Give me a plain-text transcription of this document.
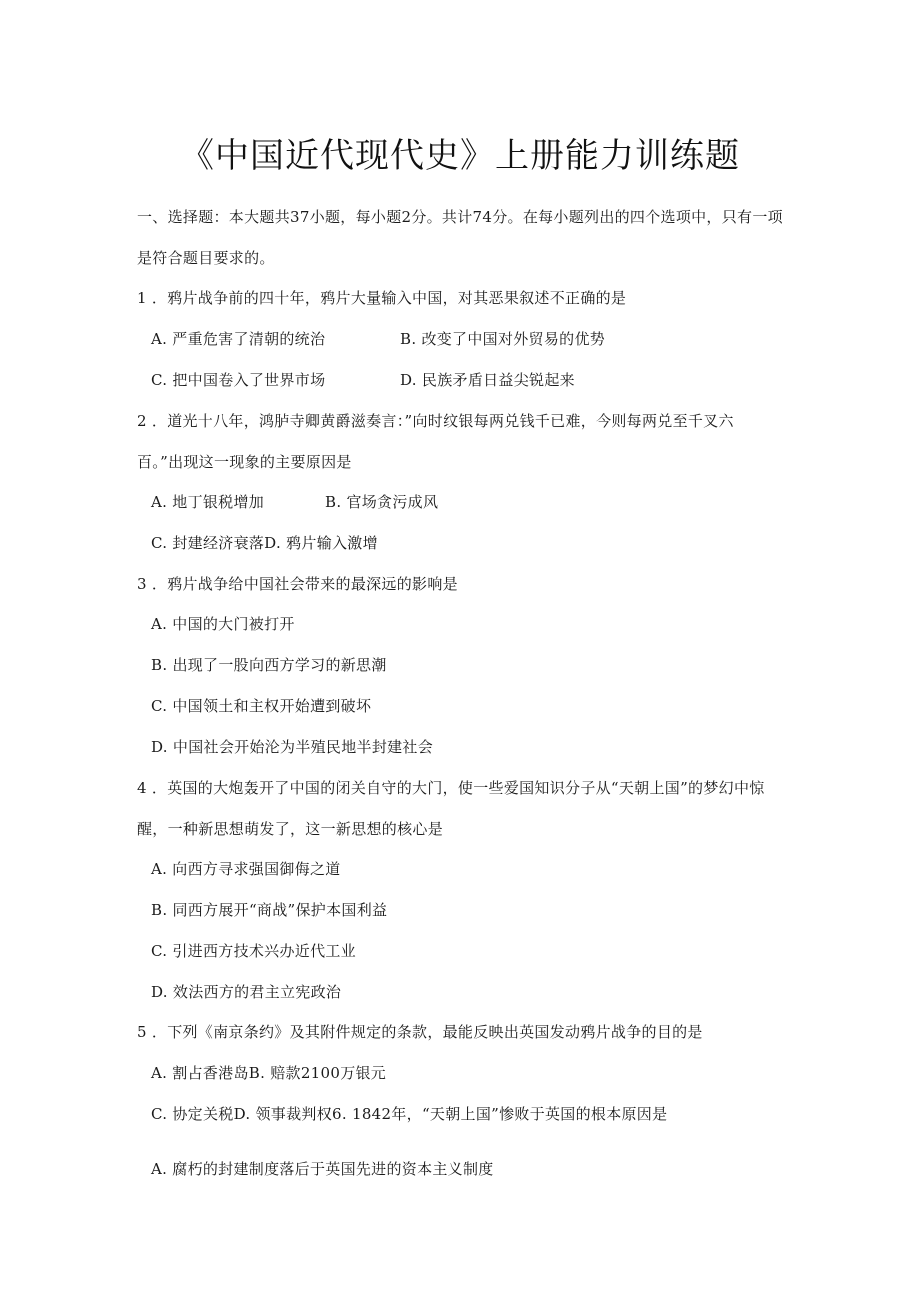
《中国近代现代史》上册能力训练题
一、选择题：本大题共37小题，每小题2分。共计74分。在每小题列出的四个选项中，只有一项
是符合题目要求的。
1 ．鸦片战争前的四十年，鸦片大量输入中国，对其恶果叙述不正确的是
A. 严重危害了清朝的统治	B. 改变了中国对外贸易的优势
C. 把中国卷入了世界市场	D. 民族矛盾日益尖锐起来
2 ．道光十八年，鸿胪寺卿黄爵滋奏言：”向时纹银每两兑钱千已难，今则每两兑至千叉六
百。”出现这一现象的主要原因是
A. 地丁银税增加	B. 官场贪污成风
C. 封建经济衰落D. 鸦片输入激增
3 ．鸦片战争给中国社会带来的最深远的影响是
A. 中国的大门被打开
B. 出现了一股向西方学习的新思潮
C. 中国领土和主权开始遭到破坏
D. 中国社会开始沦为半殖民地半封建社会
4 ．英国的大炮轰开了中国的闭关自守的大门，使一些爱国知识分子从“天朝上国”的梦幻中惊
醒，一种新思想萌发了，这一新思想的核心是
A. 向西方寻求强国御侮之道
B. 同西方展开“商战”保护本国利益
C. 引进西方技术兴办近代工业
D. 效法西方的君主立宪政治
5 ．下列《南京条约》及其附件规定的条款，最能反映出英国发动鸦片战争的目的是
A. 割占香港岛B. 赔款2100万银元
C. 协定关税D. 领事裁判权6. 1842年，“天朝上国”惨败于英国的根本原因是
A. 腐朽的封建制度落后于英国先进的资本主义制度
